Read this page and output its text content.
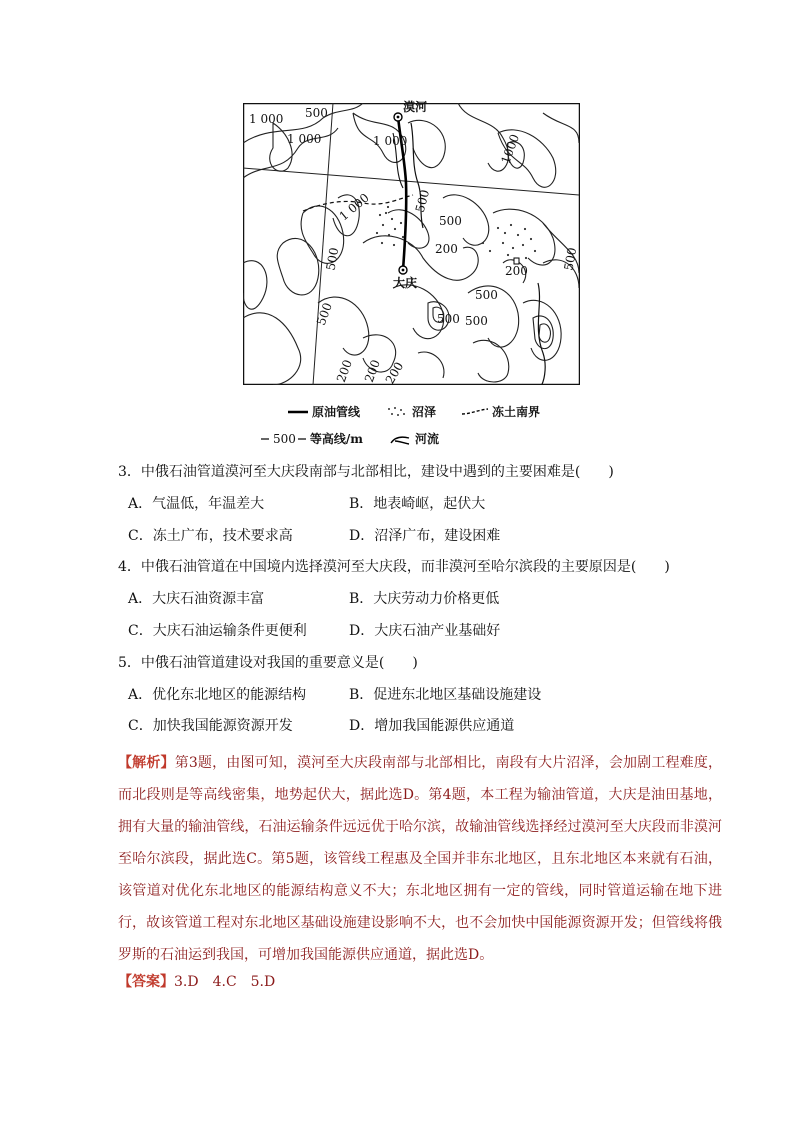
漠河
大庆
1 000 500
1 000	1000
1 000
500
1 000	500
200
200
500
500
500
500
500
200 200 200
500
原油管线	沼泽	冻土南界
500 等高线/m	河流
3．中俄石油管道漠河至大庆段南部与北部相比，建设中遇到的主要困难是(　　)
A．气温低，年温差大	B．地表崎岖，起伏大
C．冻土广布，技术要求高	D．沼泽广布，建设困难
4．中俄石油管道在中国境内选择漠河至大庆段，而非漠河至哈尔滨段的主要原因是(　　)
A．大庆石油资源丰富	B．大庆劳动力价格更低
C．大庆石油运输条件更便利	D．大庆石油产业基础好
5．中俄石油管道建设对我国的重要意义是(　　)
A．优化东北地区的能源结构	B．促进东北地区基础设施建设
C．加快我国能源资源开发	D．增加我国能源供应通道
【解析】第3题，由图可知，漠河至大庆段南部与北部相比，南段有大片沼泽，会加剧工程难度，而北段则是等高线密集，地势起伏大，据此选D。第4题，本工程为输油管道，大庆是油田基地，拥有大量的输油管线，石油运输条件远远优于哈尔滨，故输油管线选择经过漠河至大庆段而非漠河至哈尔滨段，据此选C。第5题，该管线工程惠及全国并非东北地区，且东北地区本来就有石油，该管道对优化东北地区的能源结构意义不大；东北地区拥有一定的管线，同时管道运输在地下进行，故该管道工程对东北地区基础设施建设影响不大，也不会加快中国能源资源开发；但管线将俄罗斯的石油运到我国，可增加我国能源供应通道，据此选D。
【答案】3.D　4.C　5.D
